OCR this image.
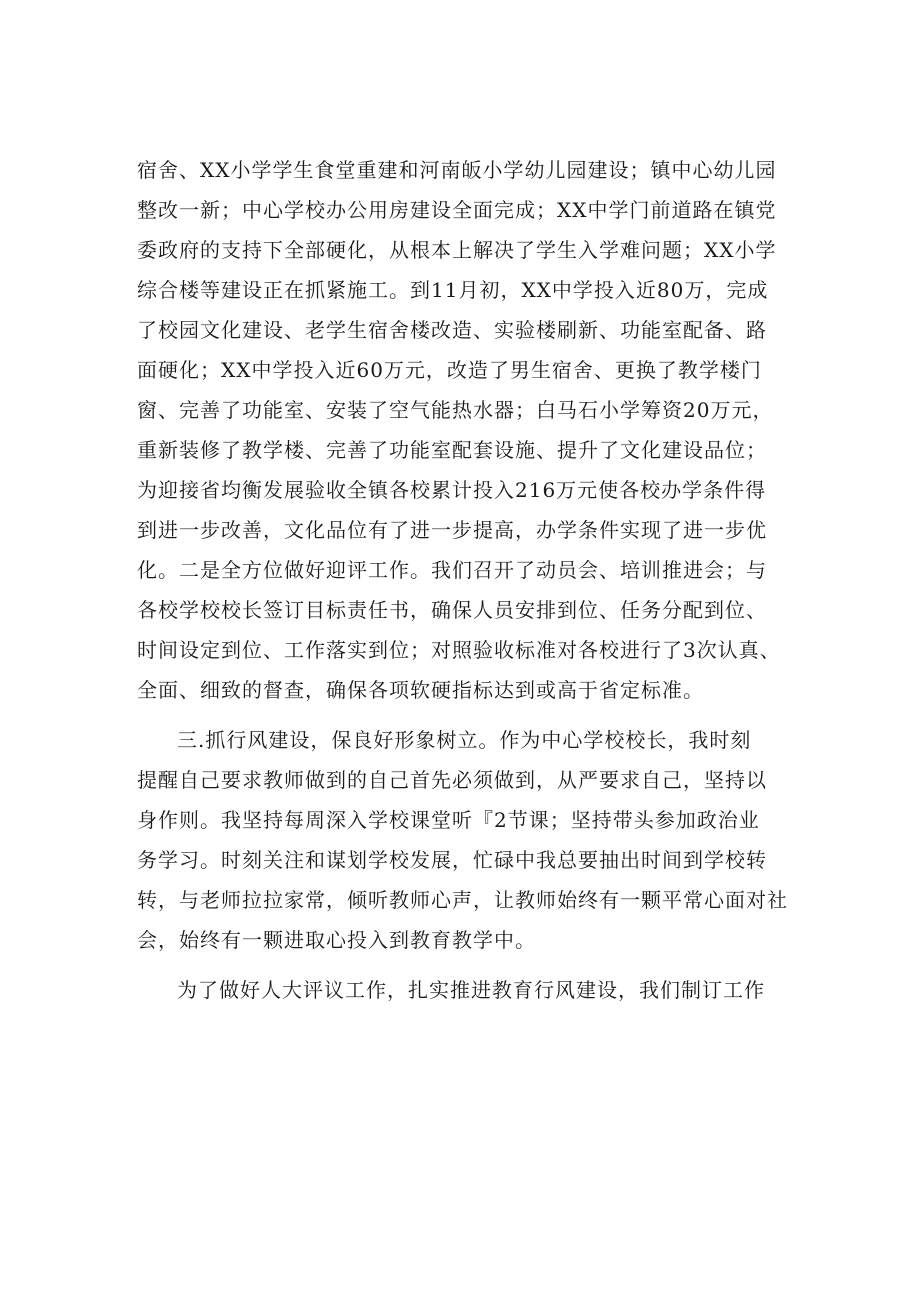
宿舍、XX小学学生食堂重建和河南皈小学幼儿园建设；镇中心幼儿园
整改一新；中心学校办公用房建设全面完成；XX中学门前道路在镇党
委政府的支持下全部硬化，从根本上解决了学生入学难问题；XX小学
综合楼等建设正在抓紧施工。到11月初，XX中学投入近80万，完成
了校园文化建设、老学生宿舍楼改造、实验楼刷新、功能室配备、路
面硬化；XX中学投入近60万元，改造了男生宿舍、更换了教学楼门
窗、完善了功能室、安装了空气能热水器；白马石小学筹资20万元，
重新装修了教学楼、完善了功能室配套设施、提升了文化建设品位；
为迎接省均衡发展验收全镇各校累计投入216万元使各校办学条件得
到进一步改善，文化品位有了进一步提高，办学条件实现了进一步优
化。二是全方位做好迎评工作。我们召开了动员会、培训推进会；与
各校学校校长签订目标责任书，确保人员安排到位、任务分配到位、
时间设定到位、工作落实到位；对照验收标准对各校进行了3次认真、
全面、细致的督查，确保各项软硬指标达到或高于省定标准。
三.抓行风建设，保良好形象树立。作为中心学校校长，我时刻
提醒自己要求教师做到的自己首先必须做到，从严要求自己，坚持以
身作则。我坚持每周深入学校课堂听『2节课；坚持带头参加政治业
务学习。时刻关注和谋划学校发展，忙碌中我总要抽出时间到学校转
转，与老师拉拉家常，倾听教师心声，让教师始终有一颗平常心面对社
会，始终有一颗进取心投入到教育教学中。
为了做好人大评议工作，扎实推进教育行风建设，我们制订工作
